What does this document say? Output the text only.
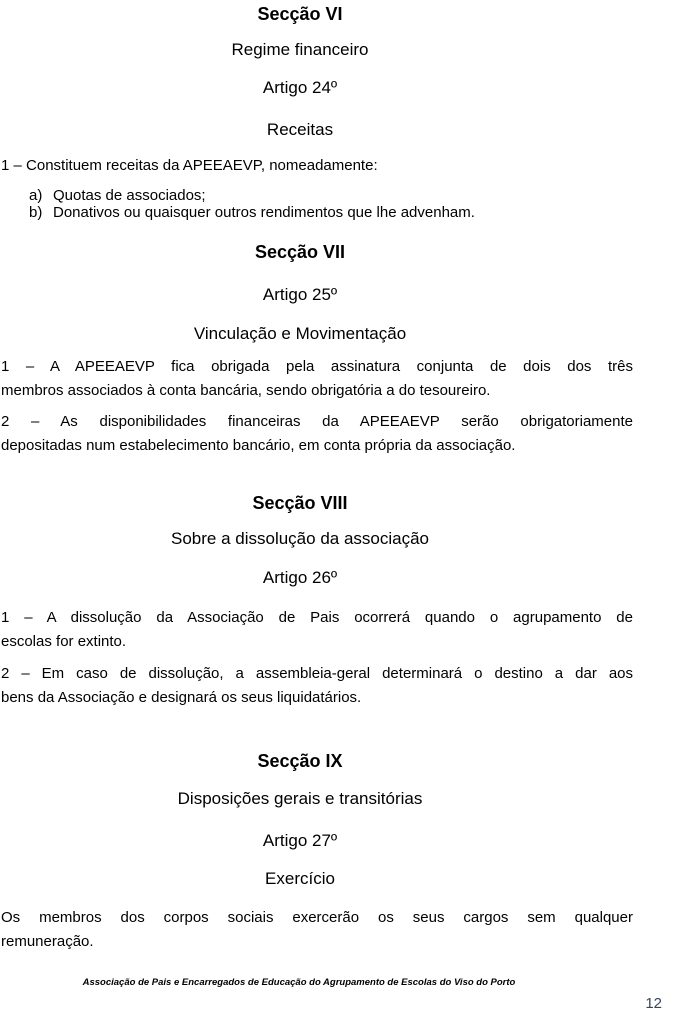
Secção VI
Regime financeiro
Artigo 24º
Receitas
1 – Constituem receitas da APEEAEVP, nomeadamente:
a) Quotas de associados;
b) Donativos ou quaisquer outros rendimentos que lhe advenham.
Secção VII
Artigo 25º
Vinculação e Movimentação
1 – A APEEAEVP fica obrigada pela assinatura conjunta de dois dos três
membros associados à conta bancária, sendo obrigatória a do tesoureiro.
2 – As disponibilidades financeiras da APEEAEVP serão obrigatoriamente
depositadas num estabelecimento bancário, em conta própria da associação.
Secção VIII
Sobre a dissolução da associação
Artigo 26º
1 – A dissolução da Associação de Pais ocorrerá quando o agrupamento de
escolas for extinto.
2 – Em caso de dissolução, a assembleia-geral determinará o destino a dar aos
bens da Associação e designará os seus liquidatários.
Secção IX
Disposições gerais e transitórias
Artigo 27º
Exercício
Os membros dos corpos sociais exercerão os seus cargos sem qualquer
remuneração.
Associação de Pais e Encarregados de Educação do Agrupamento de Escolas do Viso do Porto
12
